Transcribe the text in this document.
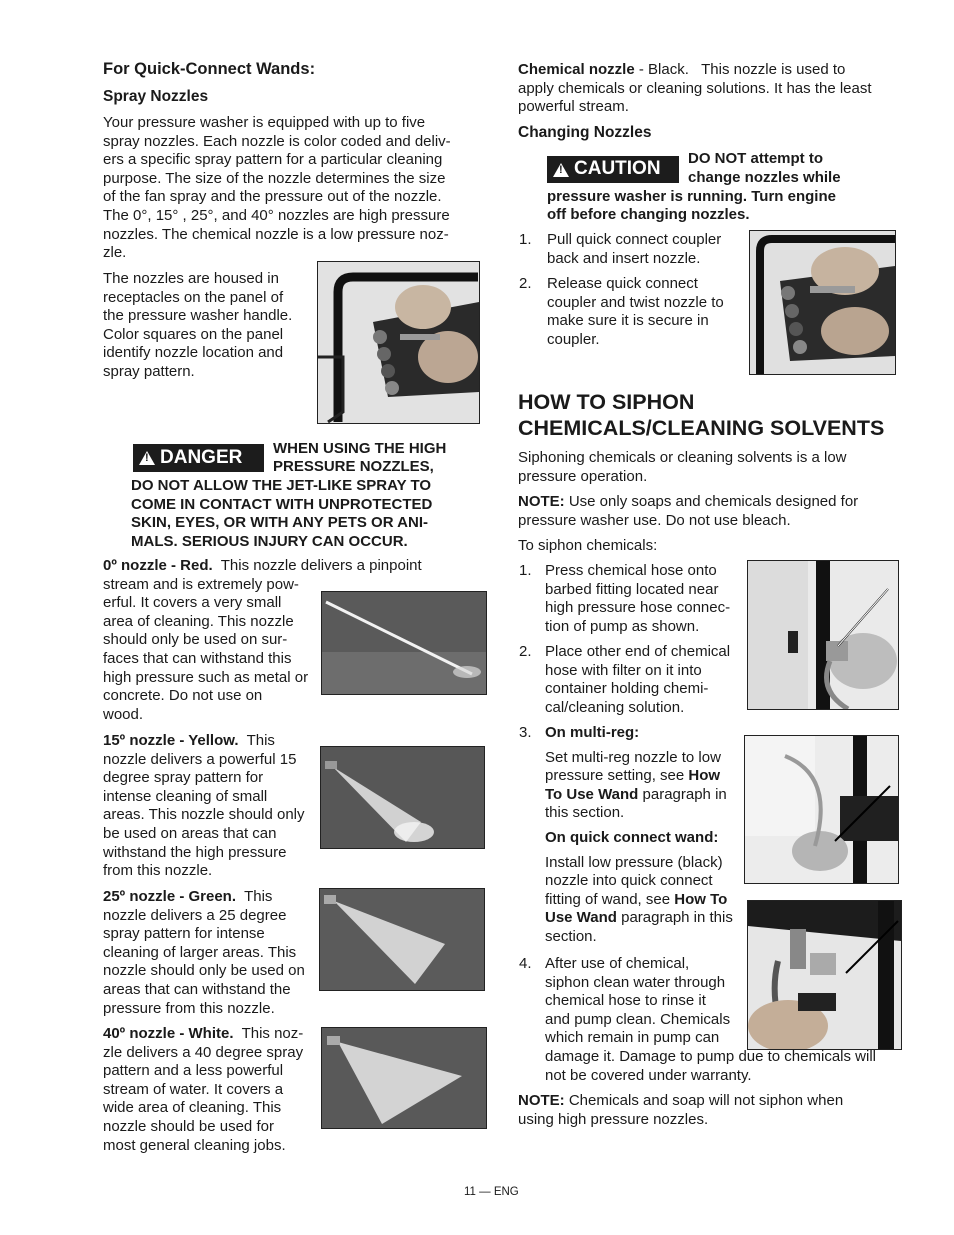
For Quick-Connect Wands:

Spray Nozzles

Your pressure washer is equipped with up to five

spray nozzles. Each nozzle is color coded and deliv-

ers a specific spray pattern for a particular cleaning

purpose. The size of the nozzle determines the size

of the fan spray and the pressure out of the nozzle.

The 0°, 15° , 25°, and 40° nozzles are high pressure

nozzles. The chemical nozzle is a low pressure noz-

zle.

The nozzles are housed in

receptacles on the panel of

the pressure washer handle.

Color squares on the panel

identify nozzle location and

spray pattern.

!
DANGER WHEN USING THE HIGH

PRESSURE NOZZLES,

DO NOT ALLOW THE JET-LIKE SPRAY TO

COME IN CONTACT WITH UNPROTECTED

SKIN, EYES, OR WITH ANY PETS OR ANI-

MALS. SERIOUS INJURY CAN OCCUR.

0º nozzle - Red.  This nozzle delivers a pinpoint

stream and is extremely pow-

erful. It covers a very small

area of cleaning. This nozzle

should only be used on sur-

faces that can withstand this

high pressure such as metal or

concrete. Do not use on

wood.

15º nozzle - Yellow.  This

nozzle delivers a powerful 15

degree spray pattern for

intense cleaning of small

areas. This nozzle should only

be used on areas that can

withstand the high pressure

from this nozzle.

25º nozzle - Green.  This

nozzle delivers a 25 degree

spray pattern for intense

cleaning of larger areas. This

nozzle should only be used on

areas that can withstand the

pressure from this nozzle.

40º nozzle - White.  This noz-

zle delivers a 40 degree spray

pattern and a less powerful

stream of water. It covers a

wide area of cleaning. This

nozzle should be used for

most general cleaning jobs.

Chemical nozzle - Black.   This nozzle is used to

apply chemicals or cleaning solutions. It has the least

powerful stream.

Changing Nozzles

!
CAUTION DO NOT attempt to

change nozzles while

pressure washer is running. Turn engine

off before changing nozzles.

1. Pull quick connect coupler

back and insert nozzle.

2. Release quick connect

coupler and twist nozzle to

make sure it is secure in

coupler.

HOW TO SIPHON

CHEMICALS/CLEANING SOLVENTS

Siphoning chemicals or cleaning solvents is a low

pressure operation.

NOTE: Use only soaps and chemicals designed for

pressure washer use. Do not use bleach.

To siphon chemicals:

1. Press chemical hose onto

barbed fitting located near

high pressure hose connec-

tion of pump as shown.

2. Place other end of chemical

hose with filter on it into

container holding chemi-

cal/cleaning solution.

3. On multi-reg:

Set multi-reg nozzle to low

pressure setting, see How

To Use Wand paragraph in

this section.

On quick connect wand:

Install low pressure (black)

nozzle into quick connect

fitting of wand, see How To

Use Wand paragraph in this

section.

4. After use of chemical,

siphon clean water through

chemical hose to rinse it

and pump clean. Chemicals

which remain in pump can

damage it. Damage to pump due to chemicals will

not be covered under warranty.

NOTE: Chemicals and soap will not siphon when

using high pressure nozzles.

11 — ENG
